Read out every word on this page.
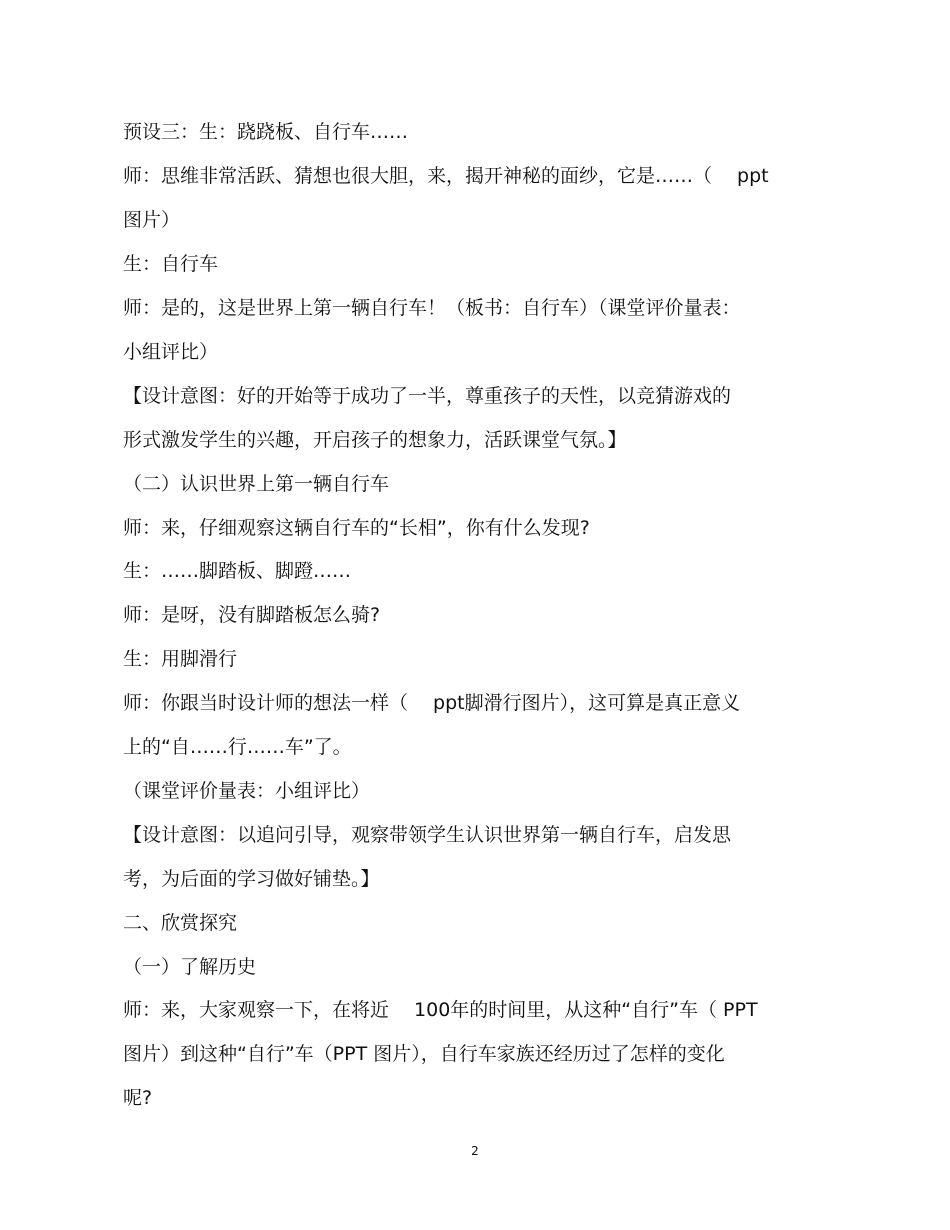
预设三：生：跷跷板、自行车……
师：思维非常活跃、猜想也很大胆，来，揭开神秘的面纱，它是……（　 ppt
图片）
生：自行车
师：是的，这是世界上第一辆自行车！（板书：自行车）（课堂评价量表：
小组评比）
【设计意图：好的开始等于成功了一半，尊重孩子的天性，以竞猜游戏的
形式激发学生的兴趣，开启孩子的想象力，活跃课堂气氛。】
（二）认识世界上第一辆自行车
师：来，仔细观察这辆自行车的“长相”，你有什么发现?
生：……脚踏板、脚蹬……
师：是呀，没有脚踏板怎么骑?
生：用脚滑行
师：你跟当时设计师的想法一样（　 ppt脚滑行图片），这可算是真正意义
上的“自……行……车”了。
（课堂评价量表：小组评比）
【设计意图：以追问引导，观察带领学生认识世界第一辆自行车，启发思
考，为后面的学习做好铺垫。】
二、欣赏探究
（一）了解历史
师：来，大家观察一下，在将近　 100年的时间里，从这种“自行”车（ PPT
图片）到这种“自行”车（PPT 图片），自行车家族还经历过了怎样的变化
呢?
2
